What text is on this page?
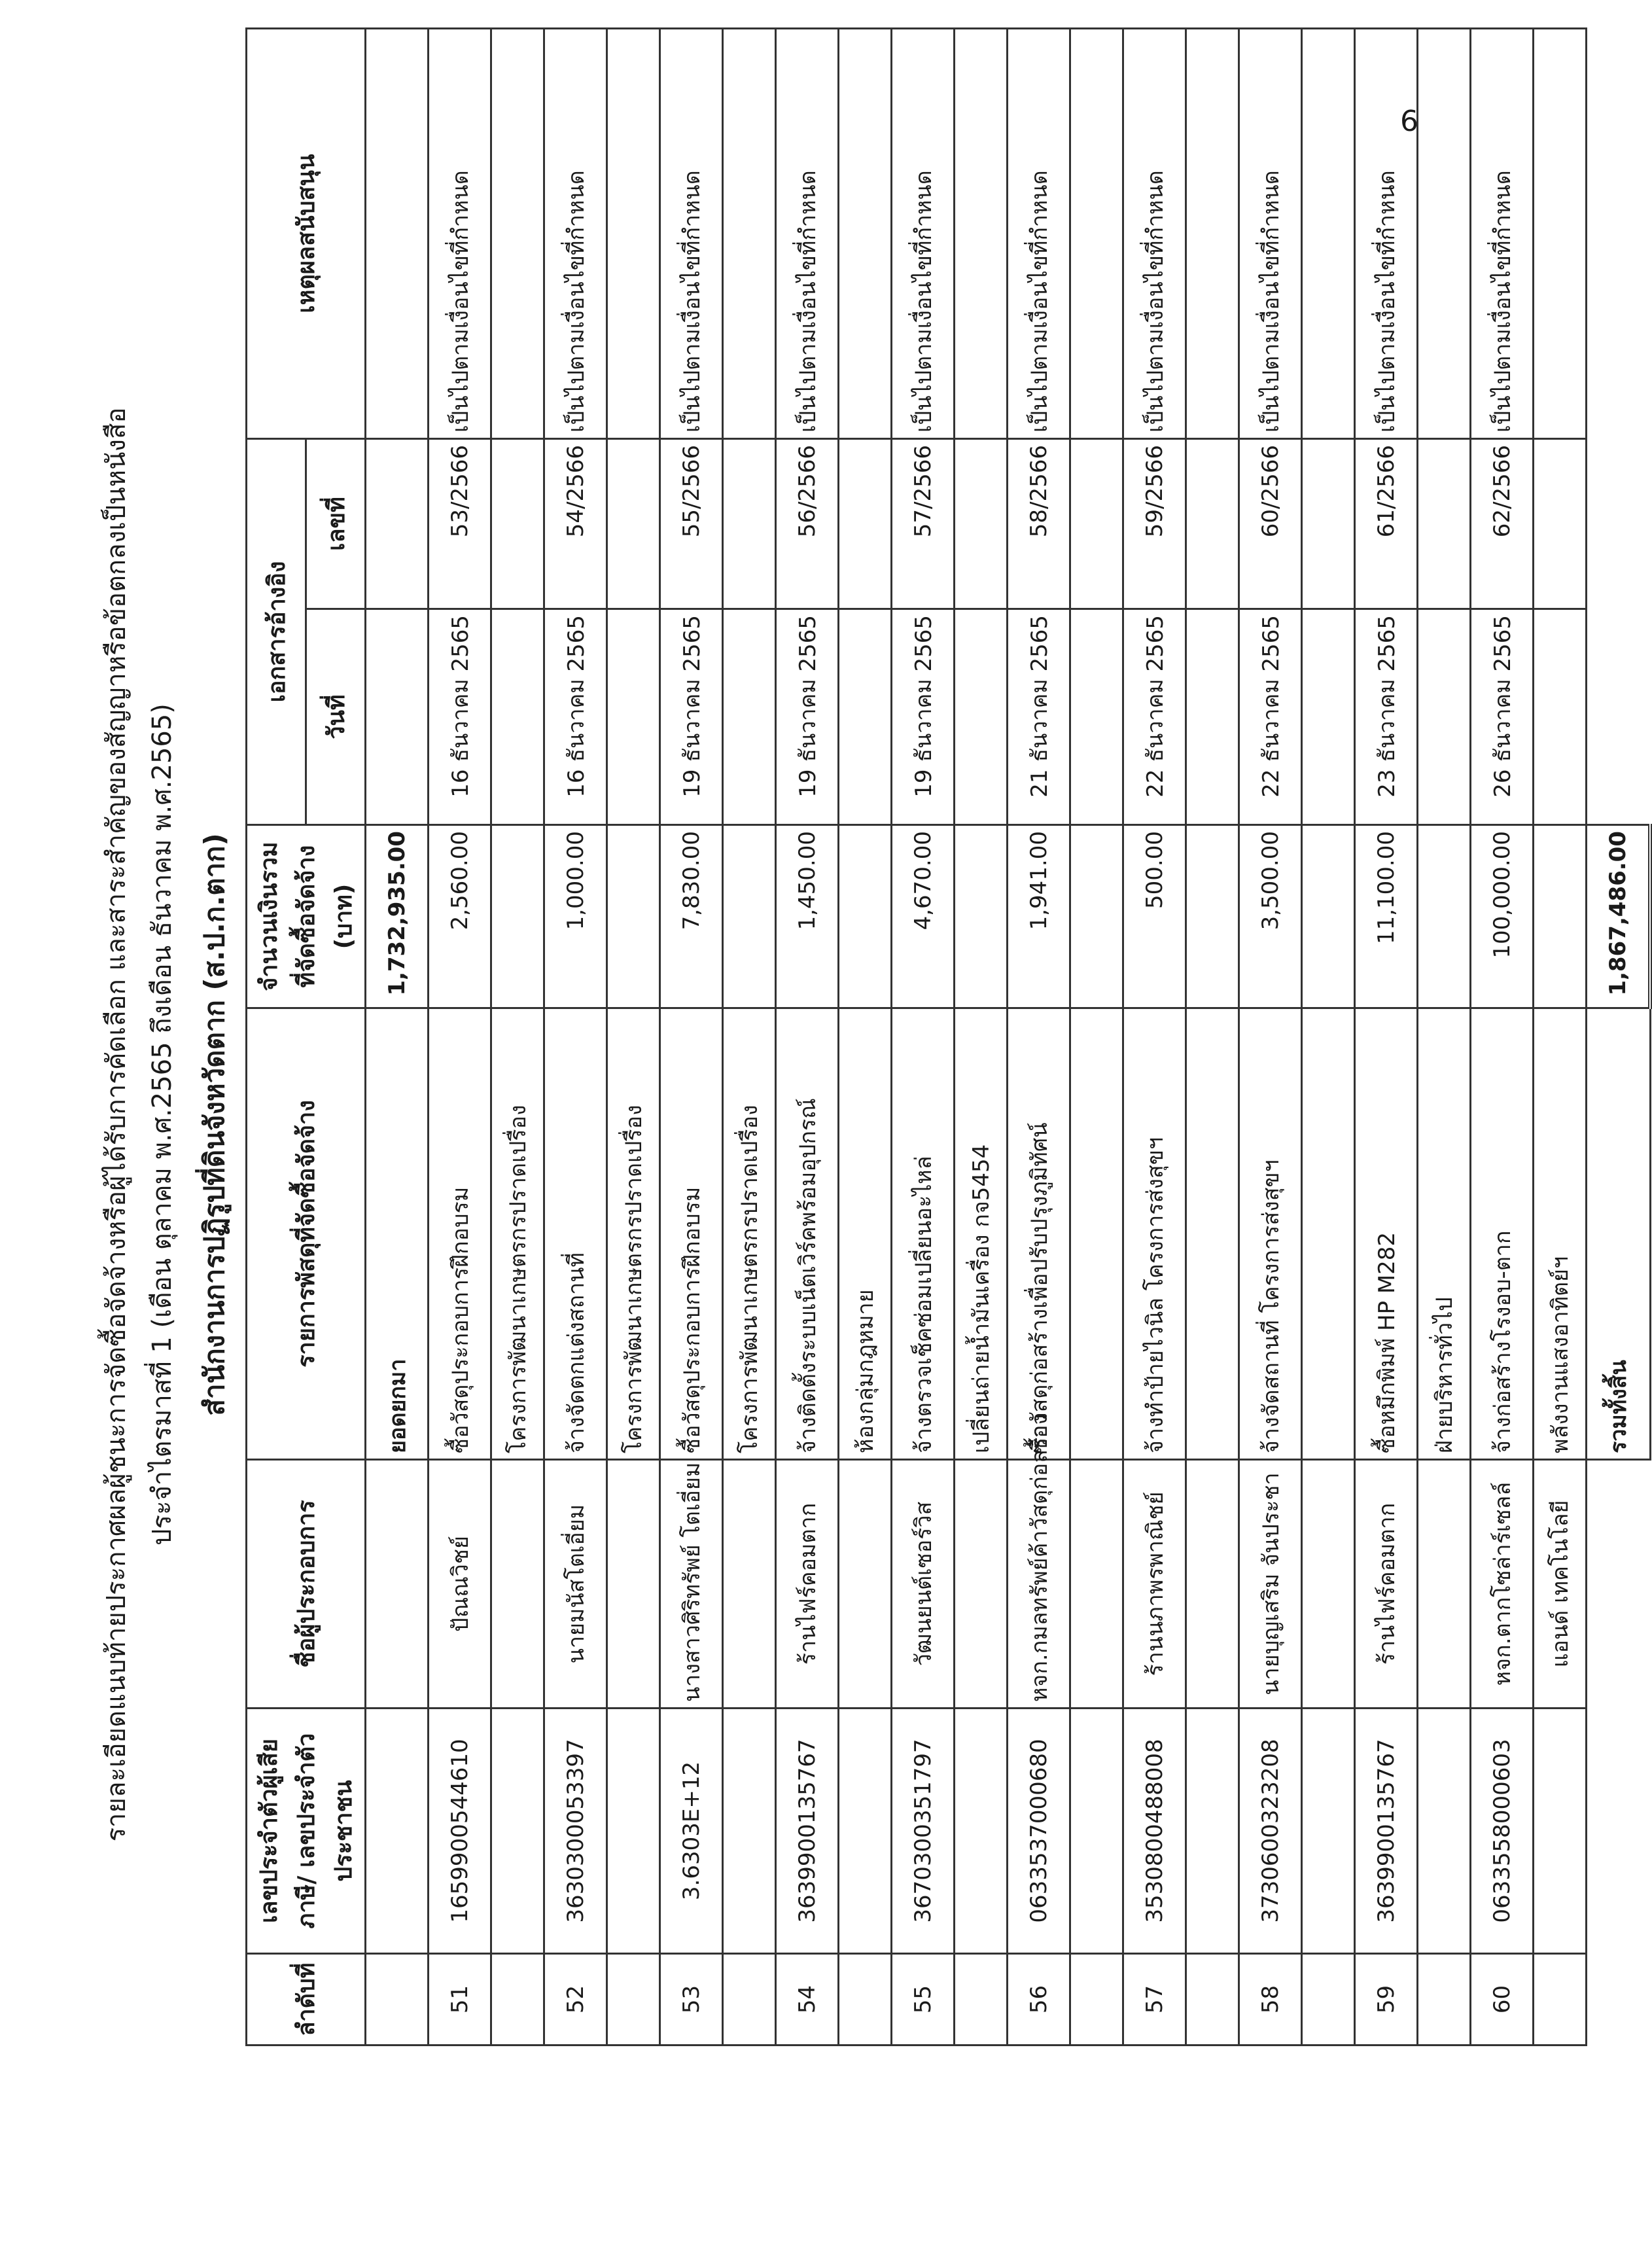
6
รายละเอียดแนบท้ายประกาศผลผู้ชนะการจัดซื้อจัดจ้างหรือผู้ได้รับการคัดเลือก และสาระสำคัญของสัญญาหรือข้อตกลงเป็นหนังสือ ประจำไตรมาสที่ 1 (เดือน ตุลาคม พ.ศ.2565 ถึงเดือน ธันวาคม พ.ศ.2565) สำนักงานการปฏิรูปที่ดินจังหวัดตาก (ส.ป.ก.ตาก)
ลำดับที่	เลขประจำตัวผู้เสียภาษี/ เลขประจำตัวประชาชน	ชื่อผู้ประกอบการ	รายการพัสดุที่จัดซื้อจัดจ้าง	จำนวนเงินรวม ที่จัดซื้อจัดจ้าง (บาท)	เอกสารอ้างอิง		เหตุผลสนับสนุน
					วันที่	เลขที่	
			ยอดยกมา	1,732,935.00			
51	1659900544610	ปัณณวิชย์	ซื้อวัสดุประกอบการฝึกอบรม	2,560.00	16 ธันวาคม 2565	53/2566	เป็นไปตามเงื่อนไขที่กำหนด
			โครงการพัฒนาเกษตรกรปราดเปรื่อง				
52	3630300053397	นายมนัสโตเอี่ยม	จ้างจัดตกแต่งสถานที่	1,000.00	16 ธันวาคม 2565	54/2566	เป็นไปตามเงื่อนไขที่กำหนด
			โครงการพัฒนาเกษตรกรปราดเปรื่อง				
53	3.6303E+12	นางสาวศิริทรัพย์ โตเอี่ยม	ซื้อวัสดุประกอบการฝึกอบรม	7,830.00	19 ธันวาคม 2565	55/2566	เป็นไปตามเงื่อนไขที่กำหนด
			โครงการพัฒนาเกษตรกรปราดเปรื่อง				
54	3639900135767	ร้านไฟร์คอมตาก	จ้างติดตั้งระบบเน็ตเวิร์คพร้อมอุปกรณ์	1,450.00	19 ธันวาคม 2565	56/2566	เป็นไปตามเงื่อนไขที่กำหนด
			ห้องกลุ่มกฎหมาย				
55	3670300351797	วัฒนยนต์เซอร์วิส	จ้างตรวจเช็คซ่อมเปลี่ยนอะไหล่	4,670.00	19 ธันวาคม 2565	57/2566	เป็นไปตามเงื่อนไขที่กำหนด
			เปลี่ยนถ่ายน้ำมันเครื่อง กจ5454				
56	0633537000680	หจก.กมลทรัพย์ค้าวัสดุก่อสร้าง	ซื้อวัสดุก่อสร้างเพื่อปรับปรุงภูมิทัศน์	1,941.00	21 ธันวาคม 2565	58/2566	เป็นไปตามเงื่อนไขที่กำหนด

57	3530800488008	ร้านนภาพรพาณิชย์	จ้างทำป้ายไวนิล โครงการส่งสุขฯ	500.00	22 ธันวาคม 2565	59/2566	เป็นไปตามเงื่อนไขที่กำหนด

58	3730600323208	นายบุญเสริม จันประชา	จ้างจัดสถานที่ โครงการส่งสุขฯ	3,500.00	22 ธันวาคม 2565	60/2566	เป็นไปตามเงื่อนไขที่กำหนด

59	3639900135767	ร้านไฟร์คอมตาก	ซื้อหมึกพิมพ์ HP M282	11,100.00	23 ธันวาคม 2565	61/2566	เป็นไปตามเงื่อนไขที่กำหนด
			ฝ่ายบริหารทั่วไป				
60	0633558000603	หจก.ตากโซล่าร์เซลล์	จ้างก่อสร้างโรงอบ-ตาก	100,000.00	26 ธันวาคม 2565	62/2566	เป็นไปตามเงื่อนไขที่กำหนด
		แอนด์ เทคโนโลยี	พลังงานแสงอาทิตย์ฯ				
			รวมทั้งสิ้น	1,867,486.00			
